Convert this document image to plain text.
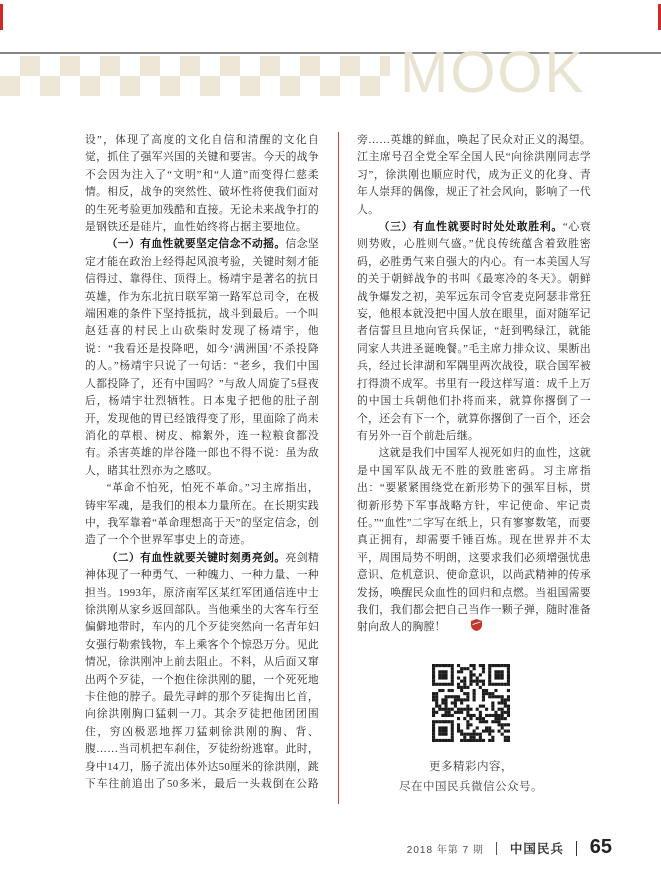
MOOK

设”，体现了高度的文化自信和清醒的文化自觉，抓住了强军兴国的关键和要害。今天的战争不会因为注入了“文明”和“人道”而变得仁慈柔情。相反，战争的突然性、破坏性将使我们面对的生死考验更加残酷和直接。无论未来战争打的是钢铁还是硅片，血性始终将占据主要地位。

（一）有血性就要坚定信念不动摇。信念坚定才能在政治上经得起风浪考验，关键时刻才能信得过、靠得住、顶得上。杨靖宇是著名的抗日英雄，作为东北抗日联军第一路军总司令，在极端困难的条件下坚持抵抗，战斗到最后。一个叫赵廷喜的村民上山砍柴时发现了杨靖宇，他说：“我看还是投降吧，如今‘满洲国’不杀投降的人。”杨靖宇只说了一句话：“老乡，我们中国人都投降了，还有中国吗？”与敌人周旋了5昼夜后，杨靖宇壮烈牺牲。日本鬼子把他的肚子剖开，发现他的胃已经饿得变了形，里面除了尚未消化的草根、树皮、棉絮外，连一粒粮食都没有。杀害英雄的岸谷隆一郎也不得不说：虽为敌人，睹其壮烈亦为之感叹。

“革命不怕死，怕死不革命。”习主席指出，铸牢军魂，是我们的根本力量所在。在长期实践中，我军靠着“革命理想高于天”的坚定信念，创造了一个个世界军事史上的奇迹。

（二）有血性就要关键时刻勇亮剑。亮剑精神体现了一种勇气、一种魄力、一种力量、一种担当。1993年，原济南军区某红军团通信连中士徐洪刚从家乡返回部队。当他乘坐的大客车行至偏僻地带时，车内的几个歹徒突然向一名青年妇女强行勒索钱物，车上乘客个个惊恐万分。见此情况，徐洪刚冲上前去阻止。不料，从后面又窜出两个歹徒，一个抱住徐洪刚的腿，一个死死地卡住他的脖子。最先寻衅的那个歹徒掏出匕首，向徐洪刚胸口猛刺一刀。其余歹徒把他团团围住，穷凶极恶地挥刀猛刺徐洪刚的胸、背、腹……当司机把车刹住，歹徒纷纷逃窜。此时，身中14刀，肠子流出体外达50厘米的徐洪刚，跳下车往前追出了50多米，最后一头栽倒在公路旁……英雄的鲜血，唤起了民众对正义的渴望。江主席号召全党全军全国人民“向徐洪刚同志学习”，徐洪刚也顺应时代，成为正义的化身、青年人崇拜的偶像，规正了社会风向，影响了一代人。

（三）有血性就要时时处处敢胜利。“心衰则势败，心胜则气盛。”优良传统蕴含着致胜密码，必胜勇气来自强大的内心。有一本美国人写的关于朝鲜战争的书叫《最寒冷的冬天》。朝鲜战争爆发之初，美军远东司令官麦克阿瑟非常狂妄，他根本就没把中国人放在眼里，面对随军记者信誓旦旦地向官兵保证，“赶到鸭绿江，就能同家人共进圣诞晚餐。”毛主席力排众议、果断出兵，经过长津湖和军隅里两次战役，联合国军被打得溃不成军。书里有一段这样写道：成千上万的中国士兵朝他们扑将而来，就算你撂倒了一个，还会有下一个，就算你撂倒了一百个，还会有另外一百个前赴后继。

这就是我们中国军人视死如归的血性，这就是中国军队战无不胜的致胜密码。习主席指出：“要紧紧围绕党在新形势下的强军目标，贯彻新形势下军事战略方针，牢记使命、牢记责任。”“血性”二字写在纸上，只有寥寥数笔，而要真正拥有，却需要千锤百炼。现在世界并不太平，周围局势不明朗，这要求我们必须增强忧患意识、危机意识、使命意识，以尚武精神的传承发扬，唤醒民众血性的回归和点燃。当祖国需要我们，我们都会把自己当作一颗子弹，随时准备射向敌人的胸膛！

更多精彩内容，
尽在中国民兵微信公众号。
2018 年第 7 期 中国民兵 65
